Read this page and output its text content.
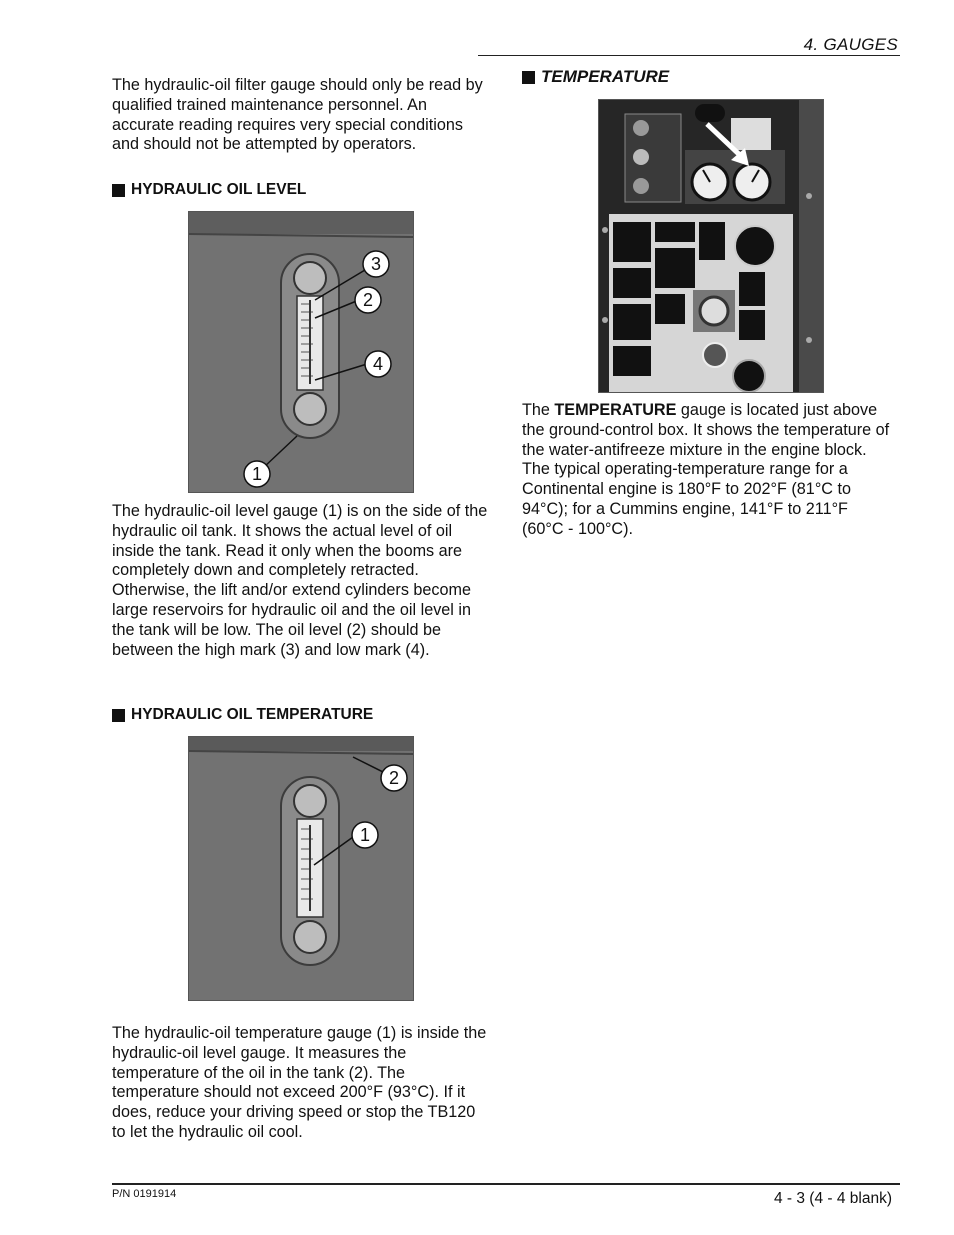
4. GAUGES

The hydraulic-oil filter gauge should only be read by qualified trained maintenance personnel. An accurate reading requires very special conditions and should not be attempted by operators.

HYDRAULIC OIL LEVEL
3
2
4
1

The hydraulic-oil level gauge (1) is on the side of the hydraulic oil tank. It shows the actual level of oil inside the tank. Read it only when the booms are completely down and completely retracted. Otherwise, the lift and/or extend cylinders become large reservoirs for hydraulic oil and the oil level in the tank will be low. The oil level (2) should be between the high mark (3) and low mark (4).

HYDRAULIC OIL TEMPERATURE
1
2

The hydraulic-oil temperature gauge (1) is inside the hydraulic-oil level gauge. It measures the temperature of the oil in the tank (2). The temperature should not exceed 200°F (93°C). If it does, reduce your driving speed or stop the TB120 to let the hydraulic oil cool.

TEMPERATURE

The TEMPERATURE gauge is located just above the ground-control box. It shows the temperature of the water-antifreeze mixture in the engine block. The typical operating-temperature range for a Continental engine is 180°F to 202°F (81°C to 94°C); for a Cummins engine, 141°F to 211°F (60°C - 100°C).

P/N 0191914	4 - 3 (4 - 4 blank)
